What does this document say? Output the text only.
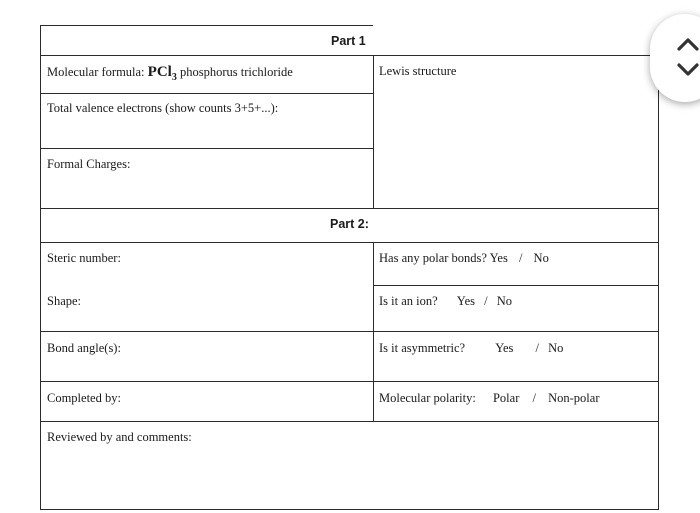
Part 1
Molecular formula: PCl$_3$ phosphorus trichloride	Lewis structure
Total valence electrons (show counts 3+5+...):
Formal Charges:
Part 2:
Steric number:
Shape:
Bond angle(s):
Completed by:
Has any polar bonds? Yes / No
Is it an ion? Yes / No
Is it asymmetric? Yes / No
Molecular polarity: Polar / Non-polar
Reviewed by and comments:
